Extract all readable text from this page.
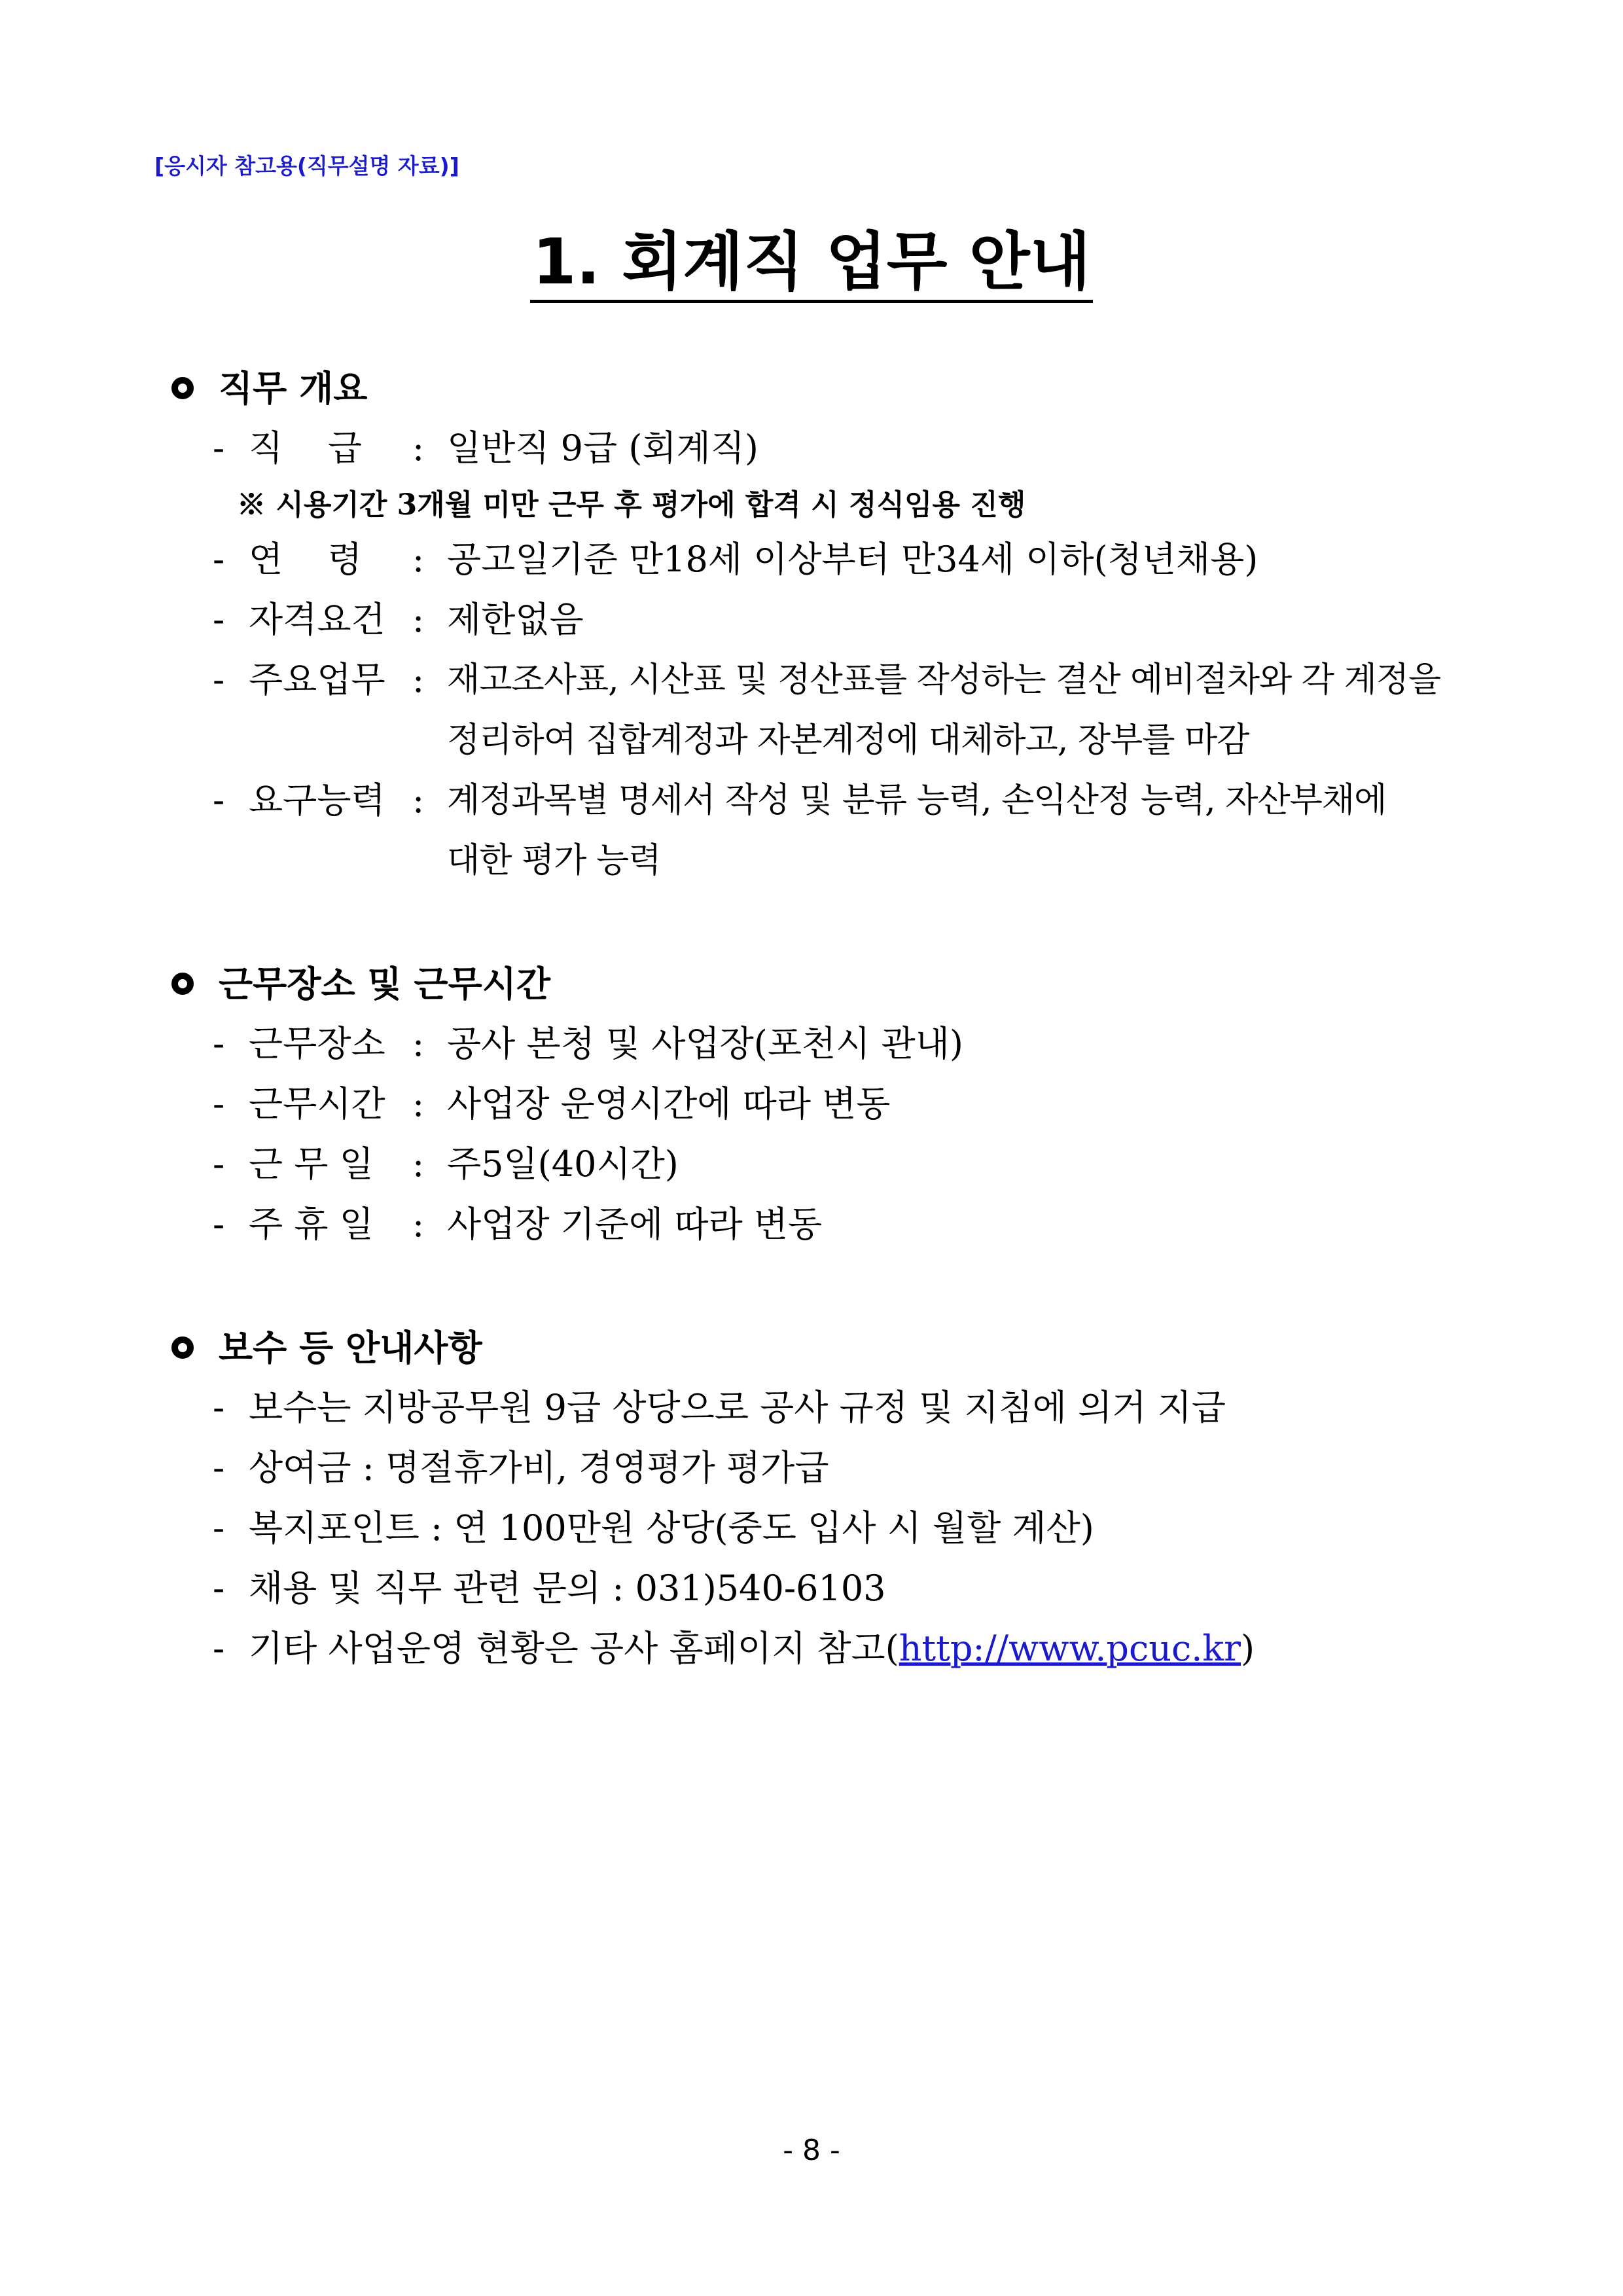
[응시자 참고용(직무설명 자료)]
1. 회계직 업무 안내
직무 개요
- 직    급 : 일반직 9급 (회계직)
※ 시용기간 3개월 미만 근무 후 평가에 합격 시 정식임용 진행
- 연    령 : 공고일기준 만18세 이상부터 만34세 이하(청년채용)
- 자격요건 : 제한없음
- 주요업무 : 재고조사표, 시산표 및 정산표를 작성하는 결산 예비절차와 각 계정을
정리하여 집합계정과 자본계정에 대체하고, 장부를 마감
- 요구능력 : 계정과목별 명세서 작성 및 분류 능력, 손익산정 능력, 자산부채에
대한 평가 능력
근무장소 및 근무시간
- 근무장소 : 공사 본청 및 사업장(포천시 관내)
- 근무시간 : 사업장 운영시간에 따라 변동
- 근 무 일 : 주5일(40시간)
- 주 휴 일 : 사업장 기준에 따라 변동
보수 등 안내사항
- 보수는 지방공무원 9급 상당으로 공사 규정 및 지침에 의거 지급
- 상여금 : 명절휴가비, 경영평가 평가급
- 복지포인트 : 연 100만원 상당(중도 입사 시 월할 계산)
- 채용 및 직무 관련 문의 : 031)540-6103
- 기타 사업운영 현황은 공사 홈페이지 참고(http://www.pcuc.kr)
- 8 -
